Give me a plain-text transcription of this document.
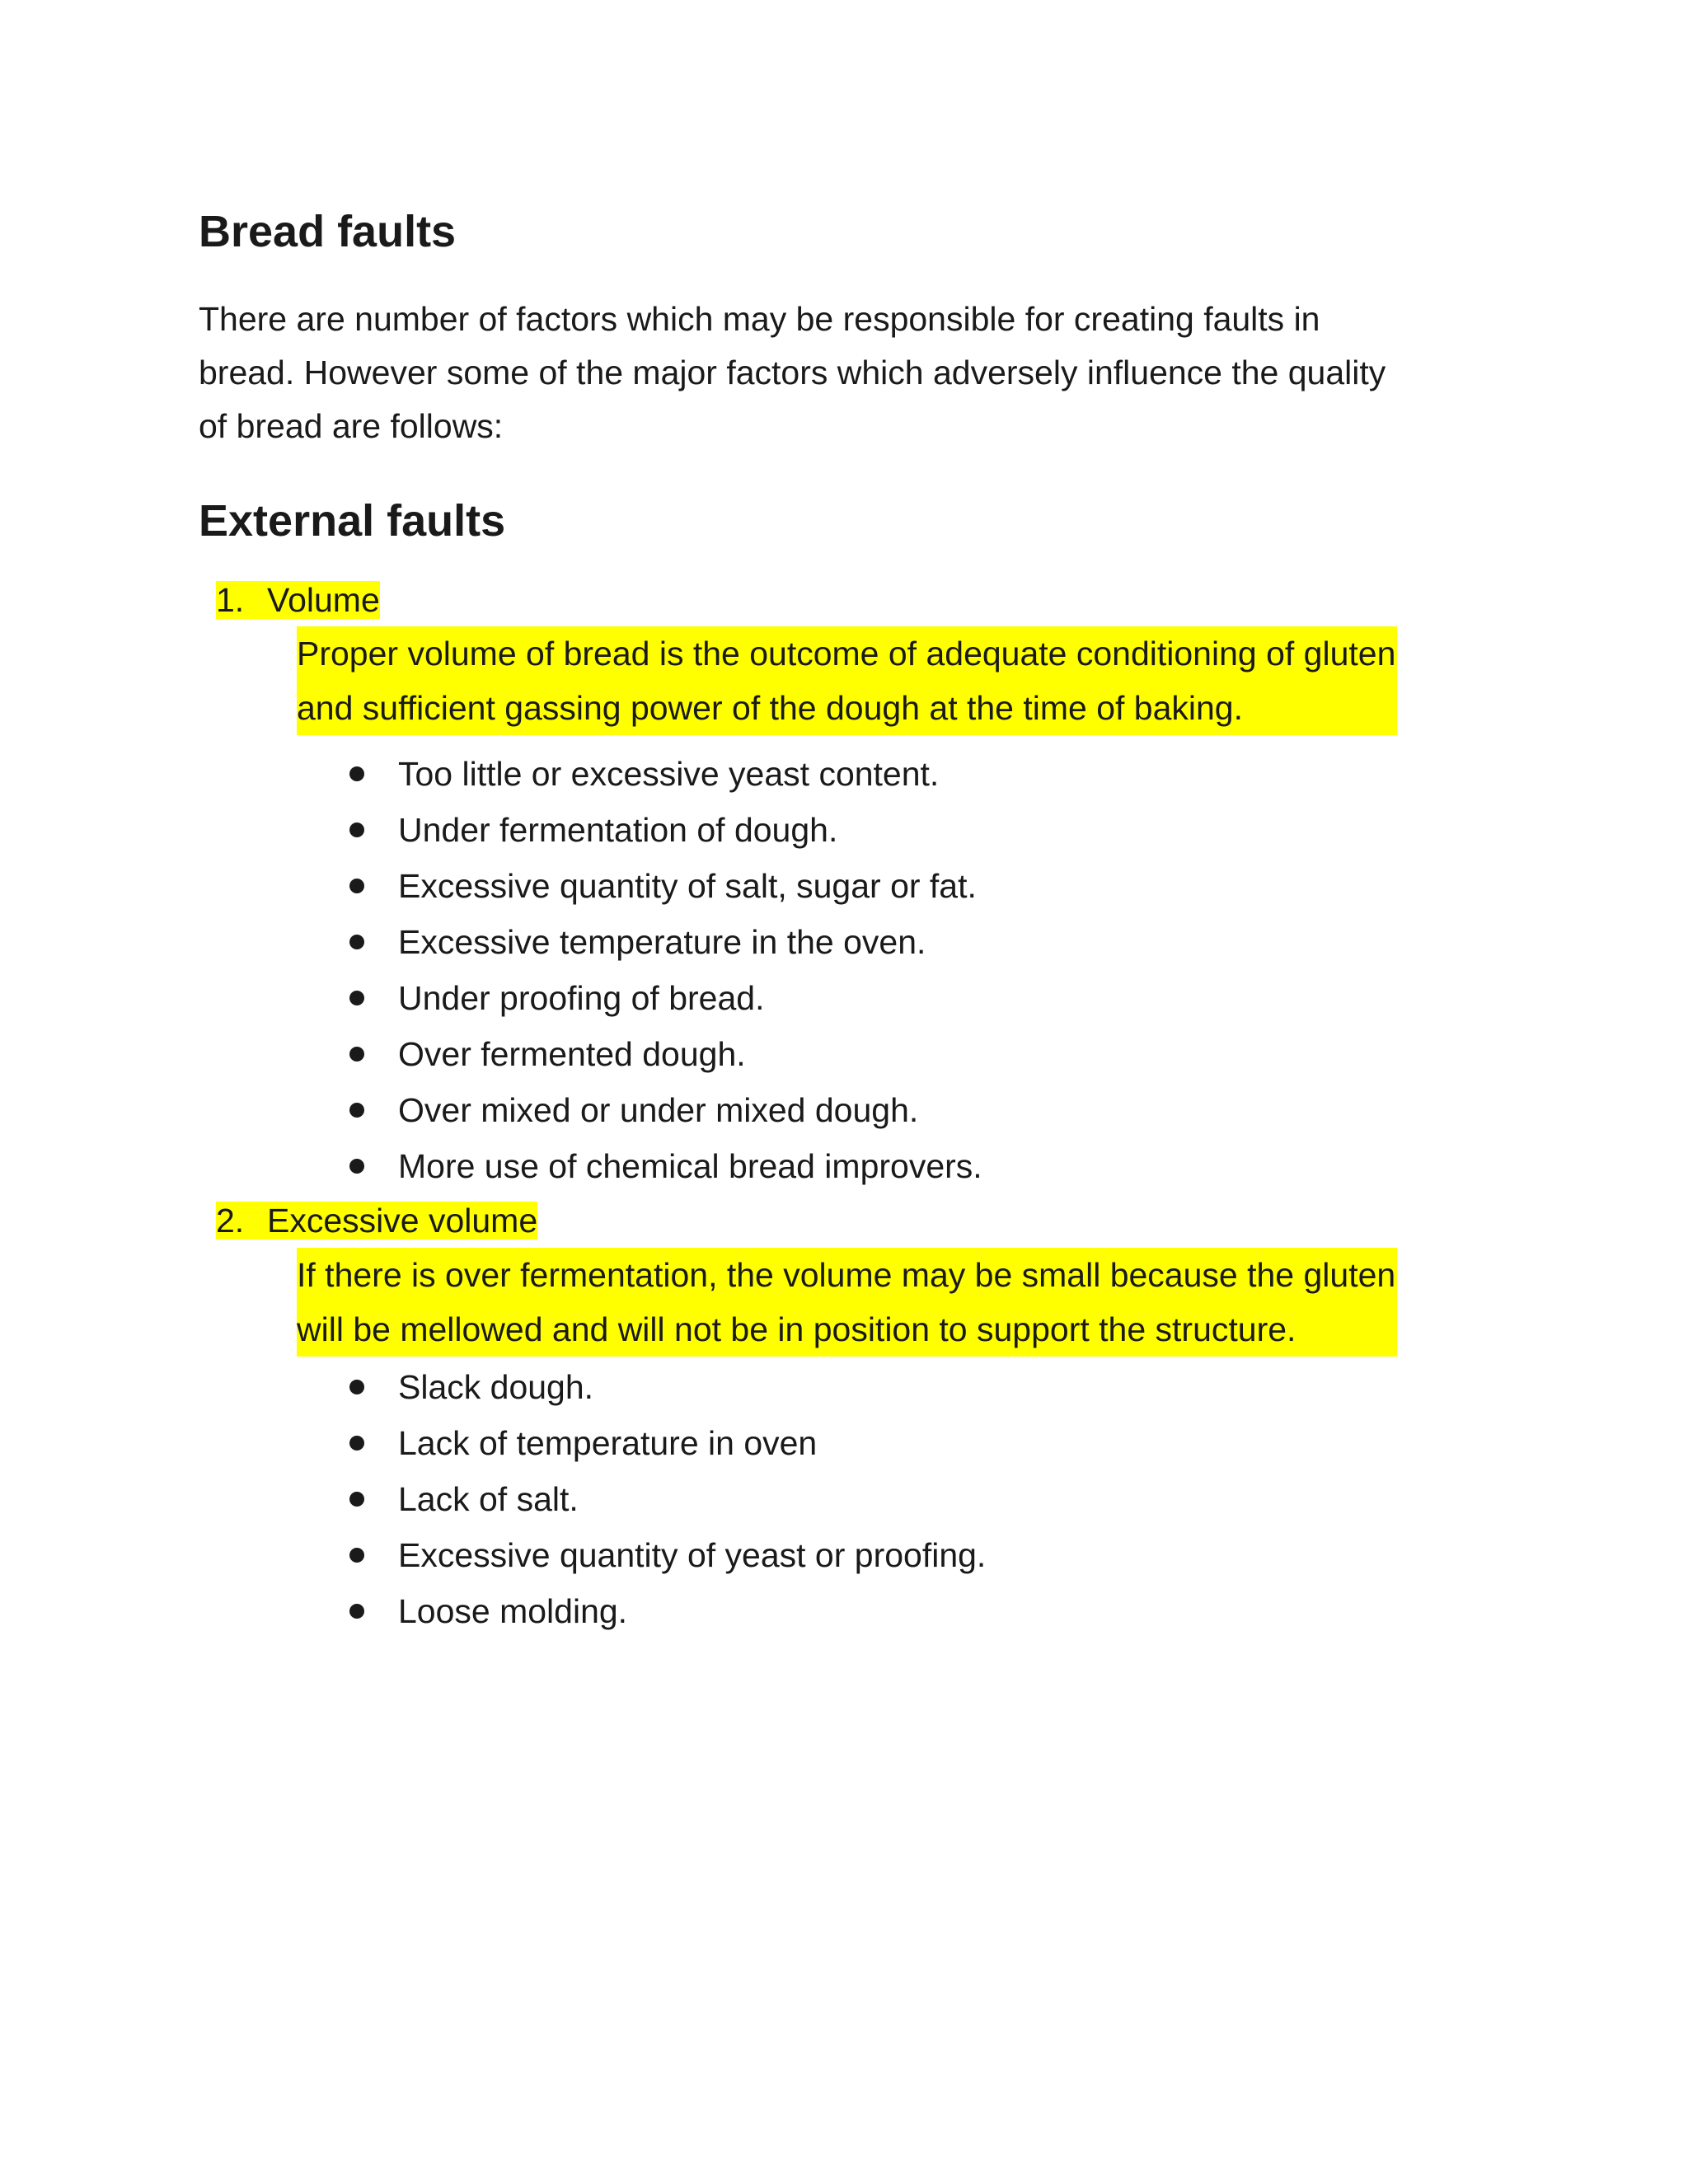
Bread faults
There are number of factors which may be responsible for creating faults in
bread. However some of the major factors which adversely influence the quality
of bread are follows:
External faults
1. Volume
Proper volume of bread is the outcome of adequate conditioning of gluten
and sufficient gassing power of the dough at the time of baking.
Too little or excessive yeast content.
Under fermentation of dough.
Excessive quantity of salt, sugar or fat.
Excessive temperature in the oven.
Under proofing of bread.
Over fermented dough.
Over mixed or under mixed dough.
More use of chemical bread improvers.
2. Excessive volume
If there is over fermentation, the volume may be small because the gluten
will be mellowed and will not be in position to support the structure.
Slack dough.
Lack of temperature in oven
Lack of salt.
Excessive quantity of yeast or proofing.
Loose molding.
